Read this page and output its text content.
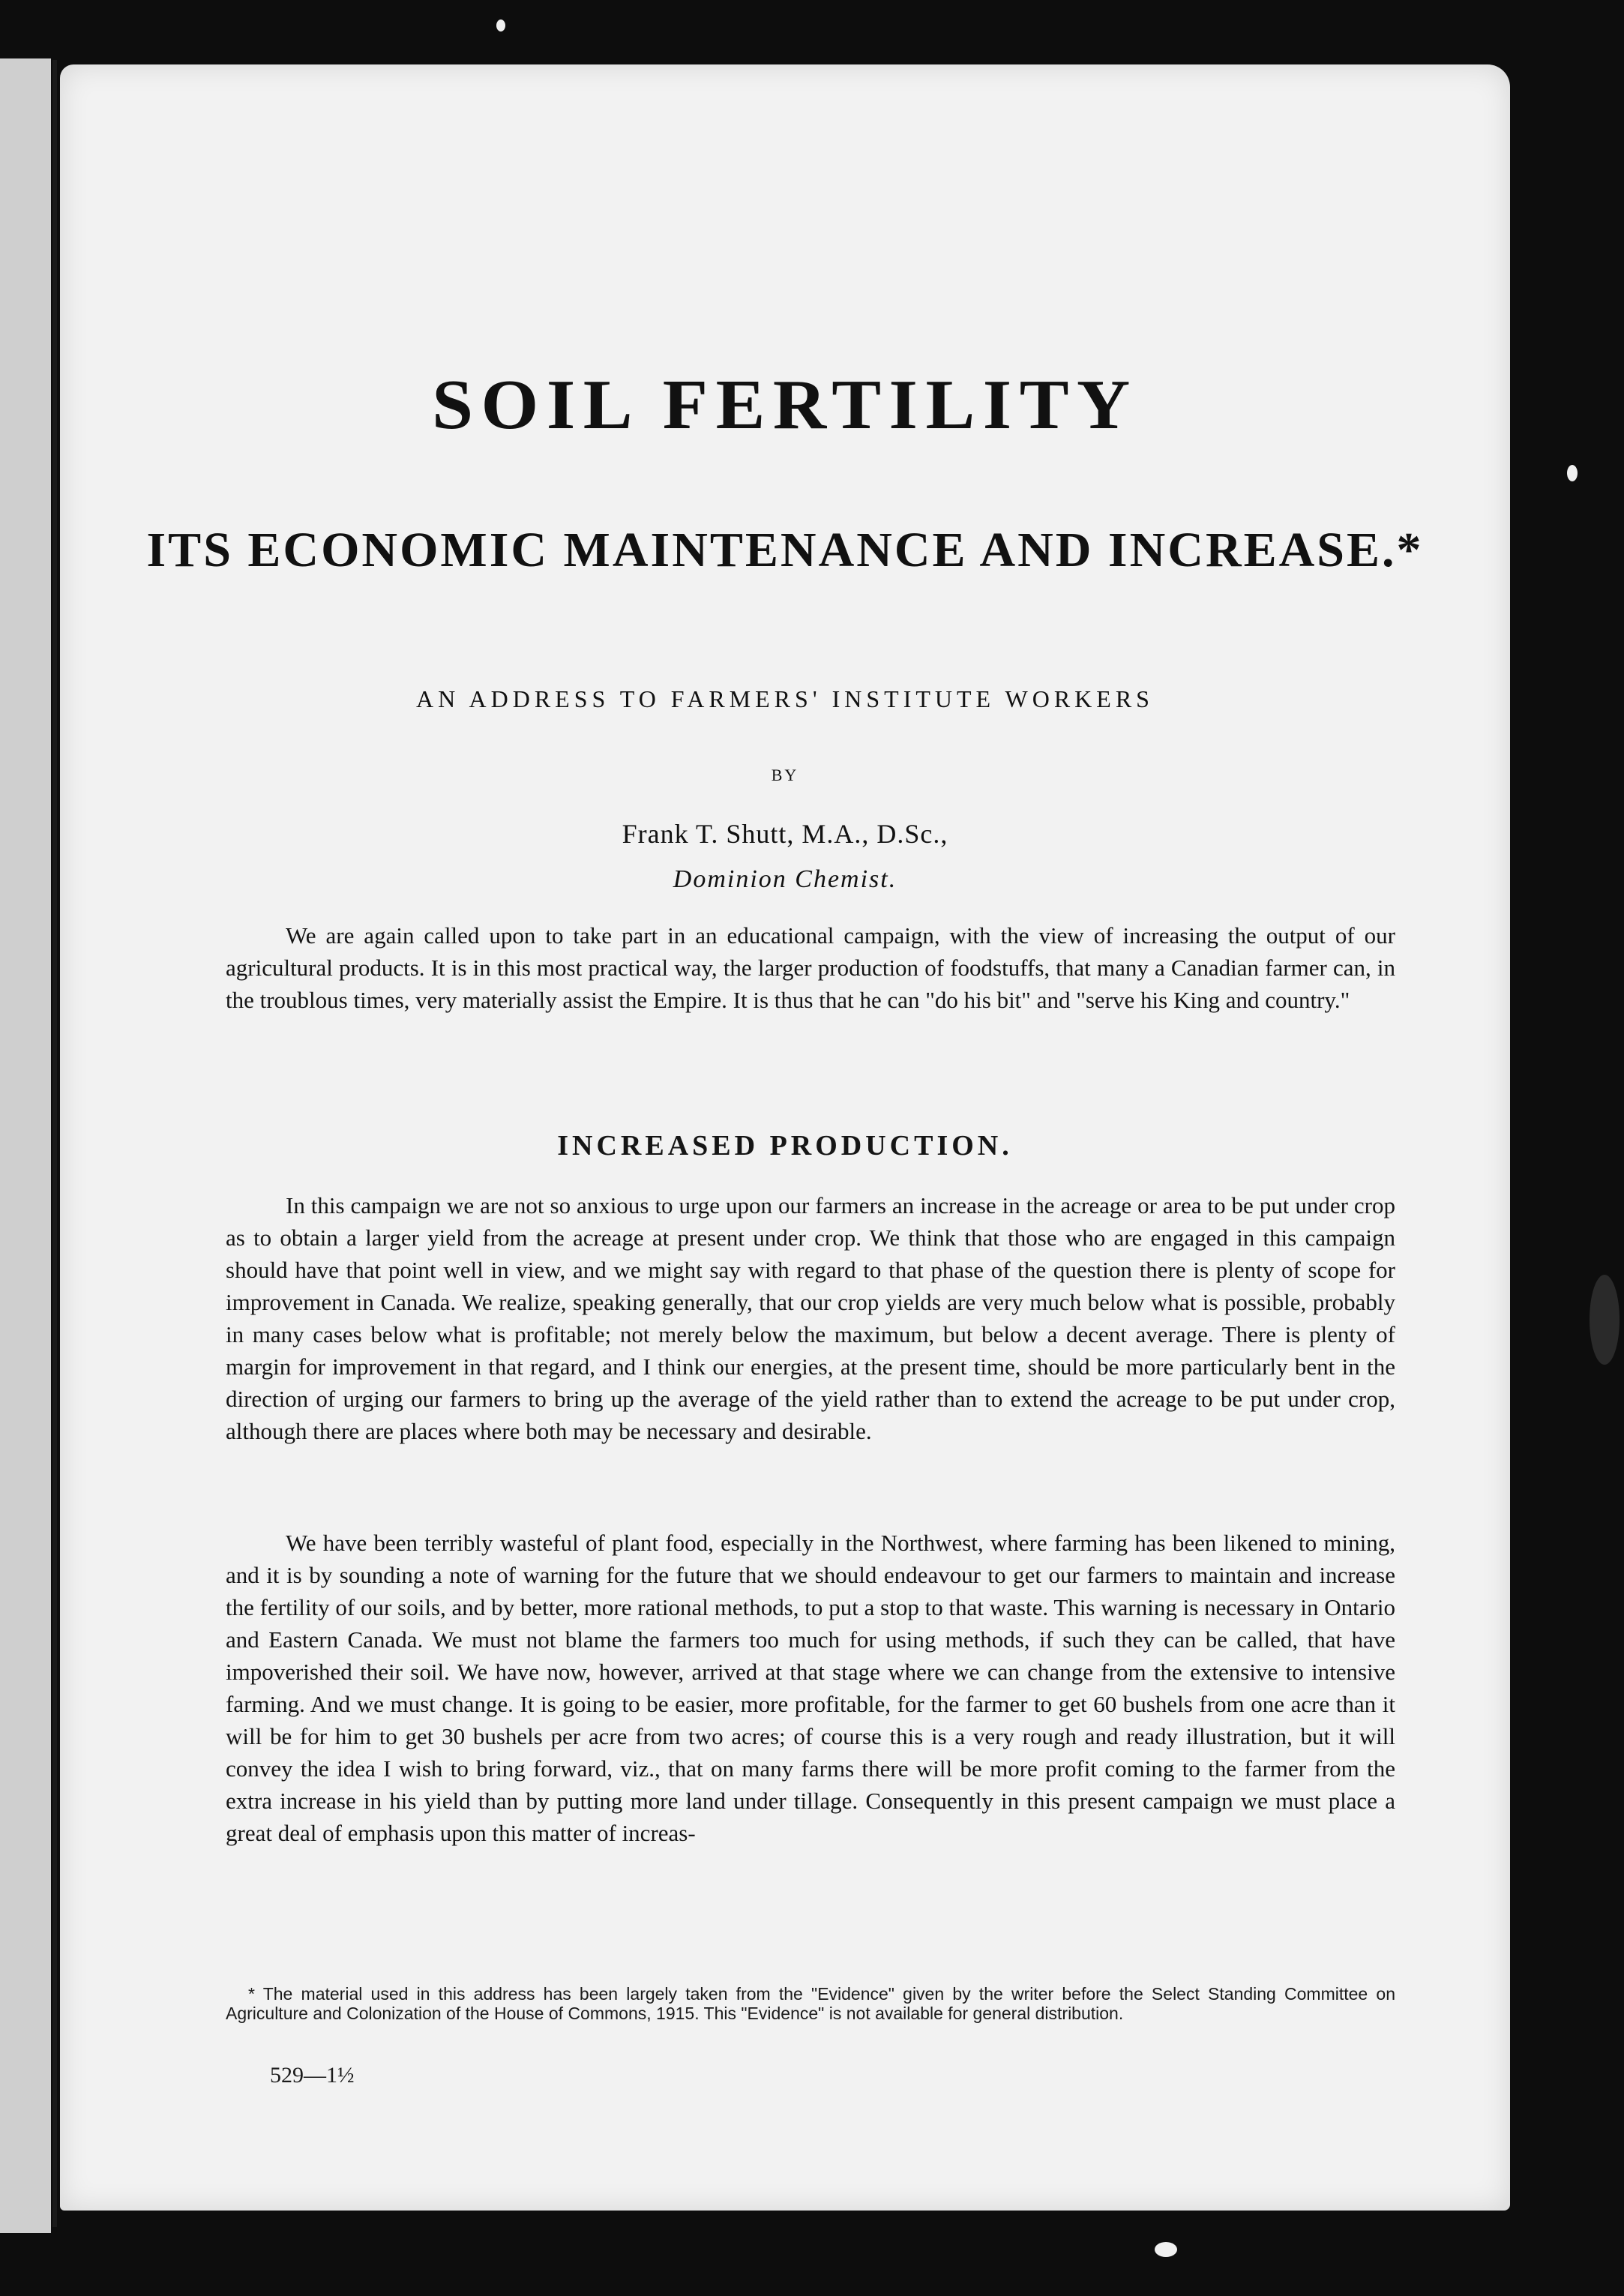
SOIL FERTILITY
ITS ECONOMIC MAINTENANCE AND INCREASE.*
AN ADDRESS TO FARMERS' INSTITUTE WORKERS
BY
Frank T. Shutt, M.A., D.Sc.,
Dominion Chemist.

We are again called upon to take part in an educational campaign, with the view of increasing the output of our agricultural products. It is in this most practical way, the larger production of foodstuffs, that many a Canadian farmer can, in the troublous times, very materially assist the Empire. It is thus that he can "do his bit" and "serve his King and country."

INCREASED PRODUCTION.

In this campaign we are not so anxious to urge upon our farmers an increase in the acreage or area to be put under crop as to obtain a larger yield from the acreage at present under crop. We think that those who are engaged in this campaign should have that point well in view, and we might say with regard to that phase of the question there is plenty of scope for improvement in Canada. We realize, speaking generally, that our crop yields are very much below what is possible, probably in many cases below what is profitable; not merely below the maximum, but below a decent average. There is plenty of margin for improvement in that regard, and I think our energies, at the present time, should be more particularly bent in the direction of urging our farmers to bring up the average of the yield rather than to extend the acreage to be put under crop, although there are places where both may be necessary and desirable.

We have been terribly wasteful of plant food, especially in the Northwest, where farming has been likened to mining, and it is by sounding a note of warning for the future that we should endeavour to get our farmers to maintain and increase the fertility of our soils, and by better, more rational methods, to put a stop to that waste. This warning is necessary in Ontario and Eastern Canada. We must not blame the farmers too much for using methods, if such they can be called, that have impoverished their soil. We have now, however, arrived at that stage where we can change from the extensive to intensive farming. And we must change. It is going to be easier, more profitable, for the farmer to get 60 bushels from one acre than it will be for him to get 30 bushels per acre from two acres; of course this is a very rough and ready illustration, but it will convey the idea I wish to bring forward, viz., that on many farms there will be more profit coming to the farmer from the extra increase in his yield than by putting more land under tillage. Consequently in this present campaign we must place a great deal of emphasis upon this matter of increas-

* The material used in this address has been largely taken from the "Evidence" given by the writer before the Select Standing Committee on Agriculture and Colonization of the House of Commons, 1915. This "Evidence" is not available for general distribution.

529—1½
